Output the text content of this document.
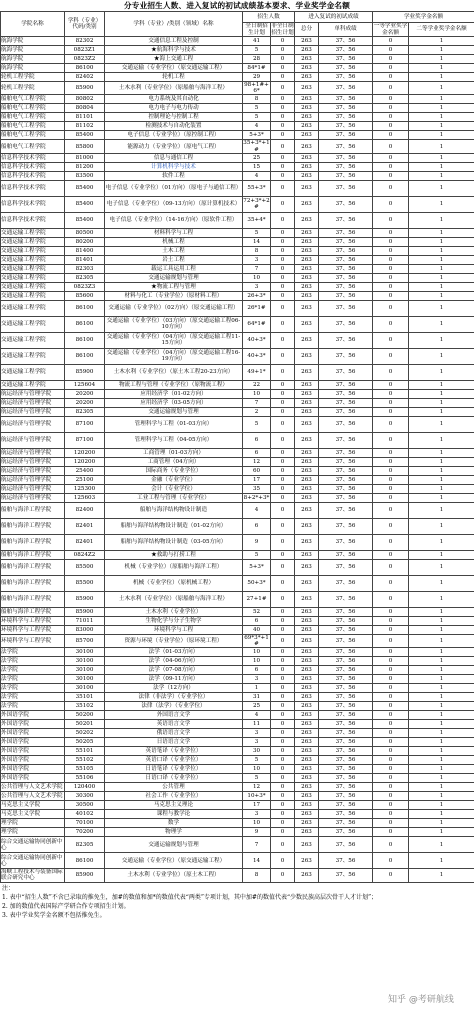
分专业招生人数、进入复试的初试成绩基本要求、学业奖学金名额
学院名称	学科（专业）代码/类别	学科（专业）/类别（领域）名称	招生人数		进入复试的初试成绩		学业奖学金名额	
			全日制招生计划	非全日制招生计划	总分	单科成绩	一等学业奖学金名额	二等学业奖学金名额
航海学院	82302	交通信息工程及控制	41	0	263	37、56	0	1
航海学院	0823Z1	★航海科学与技术	5	0	263	37、56	0	1
航海学院	0823Z2	★海上交通工程	28	0	263	37、56	0	1
航海学院	86100	交通运输（专业学位）（原交通运输工程）	84*1#	0	263	37、56	0	1
轮机工程学院	82402	轮机工程	29	0	263	37、56	0	1
轮机工程学院	85900	土木水利（专业学位）（原船舶与海洋工程）	98+1#+6*	0	263	37、56	0	1
船舶电气工程学院	80802	电力系统及其自动化	8	0	263	37、56	0	1
船舶电气工程学院	80804	电力电子与电力传动	5	0	263	37、56	0	1
船舶电气工程学院	81101	控制理论与控制工程	5	0	263	37、56	0	1
船舶电气工程学院	81102	检测技术与自动化装置	4	0	263	37、56	0	1
船舶电气工程学院	85400	电子信息（专业学位）（原控制工程）	5+3*	0	263	37、56	0	1
船舶电气工程学院	85800	能源动力（专业学位）（原电气工程）	35+3*+1#	0	263	37、56	0	1
信息科学技术学院	81000	信息与通信工程	25	0	263	37、56	0	1
信息科学技术学院	81200	计算机科学与技术	15	0	263	37、56	0	1
信息科学技术学院	83500	软件工程	4	0	263	37、56	0	1
信息科学技术学院	85400	电子信息（专业学位）（01方向）（原电子与通信工程）	55+3*	0	263	37、56	0	1
信息科学技术学院	85400	电子信息（专业学位）（09-13方向）（原计算机技术）	72+3*+2#	0	263	37、56	0	1
信息科学技术学院	85400	电子信息（专业学位）（14-16方向）（原软件工程）	35+4*	0	263	37、56	0	1
交通运输工程学院	80500	材料科学与工程	5	0	263	37、56	0	1
交通运输工程学院	80200	机械工程	14	0	263	37、56	0	1
交通运输工程学院	81400	土木工程	8	0	263	37、56	0	1
交通运输工程学院	81401	岩土工程	3	0	263	37、56	0	1
交通运输工程学院	82303	载运工具运用工程	7	0	263	37、56	0	1
交通运输工程学院	82305	交通运输规划与管理	10	0	263	37、56	0	1
交通运输工程学院	0823Z3	★物流工程与管理	3	0	263	37、56	0	1
交通运输工程学院	85600	材料与化工（专业学位）（原材料工程）	26+3*	0	263	37、56	0	1
交通运输工程学院	86100	交通运输（专业学位）（02方向）（原交通运输工程）	26*1#	0	263	37、56	0	1
交通运输工程学院	86100	交通运输（专业学位）（03方向）（原交通运输工程06-10方向）	64*1#	0	263	37、56	0	1
交通运输工程学院	86100	交通运输（专业学位）（04方向）（原交通运输工程11-15方向）	40+3*	0	263	37、56	0	1
交通运输工程学院	86100	交通运输（专业学位）（04方向）（原交通运输工程16-19方向）	40+3*	0	263	37、56	0	1
交通运输工程学院	85900	土木水利（专业学位）（原土木工程20-23方向）	49+1*	0	263	37、56	0	1
交通运输工程学院	125604	物流工程与管理（专业学位）（原物流工程）	22	0	263	37、56	0	1
航运经济与管理学院	20200	应用经济学（01-02方向）	10	0	263	37、56	0	1
航运经济与管理学院	20200	应用经济学（03-05方向）	7	0	263	37、56	0	1
航运经济与管理学院	82305	交通运输规划与管理	2	0	263	37、56	0	1
航运经济与管理学院	87100	管理科学与工程（01-03方向）	5	0	263	37、56	0	1
航运经济与管理学院	87100	管理科学与工程（04-05方向）	6	0	263	37、56	0	1
航运经济与管理学院	120200	工商管理（01-03方向）	6	0	263	37、56	0	1
航运经济与管理学院	120200	工商管理（04方向）	12	0	263	37、56	0	1
航运经济与管理学院	25400	国际商务（专业学位）	60	0	263	37、56	0	1
航运经济与管理学院	25100	金融（专业学位）	17	0	263	37、56	0	1
航运经济与管理学院	125300	会计（专业学位）	35	0	263	37、56	0	1
航运经济与管理学院	125603	工业工程与管理（专业学位）	8+2*+3*	0	263	37、56	0	1
船舶与海洋工程学院	82400	船舶与海洋结构物设计制造	4	0	263	37、56	0	1
船舶与海洋工程学院	82401	船舶与海洋结构物设计制造（01-02方向）	6	0	263	37、56	0	1
船舶与海洋工程学院	82401	船舶与海洋结构物设计制造（03-05方向）	9	0	263	37、56	0	1
船舶与海洋工程学院	0824Z2	★救助与打捞工程	5	0	263	37、56	0	1
船舶与海洋工程学院	85500	机械（专业学位）（原船舶与海洋工程）	5+3*	0	263	37、56	0	1
船舶与海洋工程学院	85500	机械（专业学位）（原机械工程）	50+3*	0	263	37、56	0	1
船舶与海洋工程学院	85900	土木水利（专业学位）（原船舶与海洋工程）	27+1#	0	263	37、56	0	1
船舶与海洋工程学院	85900	土木水利（专业学位）	52	0	263	37、56	0	1
环境科学与工程学院	71011	生物化学与分子生物学	6	0	263	37、56	0	1
环境科学与工程学院	83000	环境科学与工程	40	0	263	37、56	0	1
环境科学与工程学院	85700	资源与环境（专业学位）（原环境工程）	69*3*+1#	0	263	37、56	0	1
法学院	30100	法学（01-03方向）	10	0	263	37、56	0	1
法学院	30100	法学（04-06方向）	10	0	263	37、56	0	1
法学院	30100	法学（07-08方向）	6	0	263	37、56	0	1
法学院	30100	法学（09-11方向）	3	0	263	37、56	0	1
法学院	30100	法学（12方向）	1	0	263	37、56	0	1
法学院	35101	法律（非法学）（专业学位）	31	0	263	37、56	0	1
法学院	35102	法律（法学）（专业学位）	25	0	263	37、56	0	1
外国语学院	50200	外国语言文学	4	0	263	37、56	0	1
外国语学院	50201	英语语言文学	11	0	263	37、56	0	1
外国语学院	50202	俄语语言文学	3	0	263	37、56	0	1
外国语学院	50205	日语语言文学	3	0	263	37、56	0	1
外国语学院	55101	英语笔译（专业学位）	30	0	263	37、56	0	1
外国语学院	55102	英语口译（专业学位）	5	0	263	37、56	0	1
外国语学院	55105	日语笔译（专业学位）	10	0	263	37、56	0	1
外国语学院	55106	日语口译（专业学位）	5	0	263	37、56	0	1
公共管理与人文艺术学院	120400	公共管理	12	0	263	37、56	0	1
公共管理与人文艺术学院	30300	社会工作（专业学位）	10+3*	0	263	37、56	0	1
马克思主义学院	30500	马克思主义理论	17	0	263	37、56	0	1
马克思主义学院	40102	课程与教学论	3	0	263	37、56	0	1
理学院	70100	数学	10	0	263	37、56	0	1
理学院	70200	物理学	9	0	263	37、56	0	1
综合交通运输协同创新中心	82305	交通运输规划与管理	7	0	263	37、56	0	1
综合交通运输协同创新中心	86100	交通运输（专业学位）（原交通运输工程）	14	0	263	37、56	0	1
海峡工程技术与装备国际联合研究中心	85900	土木水利（专业学位）（原土木工程）	8	0	263	37、56	0	1
注：
1. 表中“招生人数”不含已录取的推免生，加#的数值和加*的数值代表“两类”专项计划，其中加#的数值代表“少数民族高层次骨干人才计划”；
2. 加的数值代表国际产学研合作专项招生计划。
3. 表中学业奖学金名额不包括推免生。
知乎 @考研航线
